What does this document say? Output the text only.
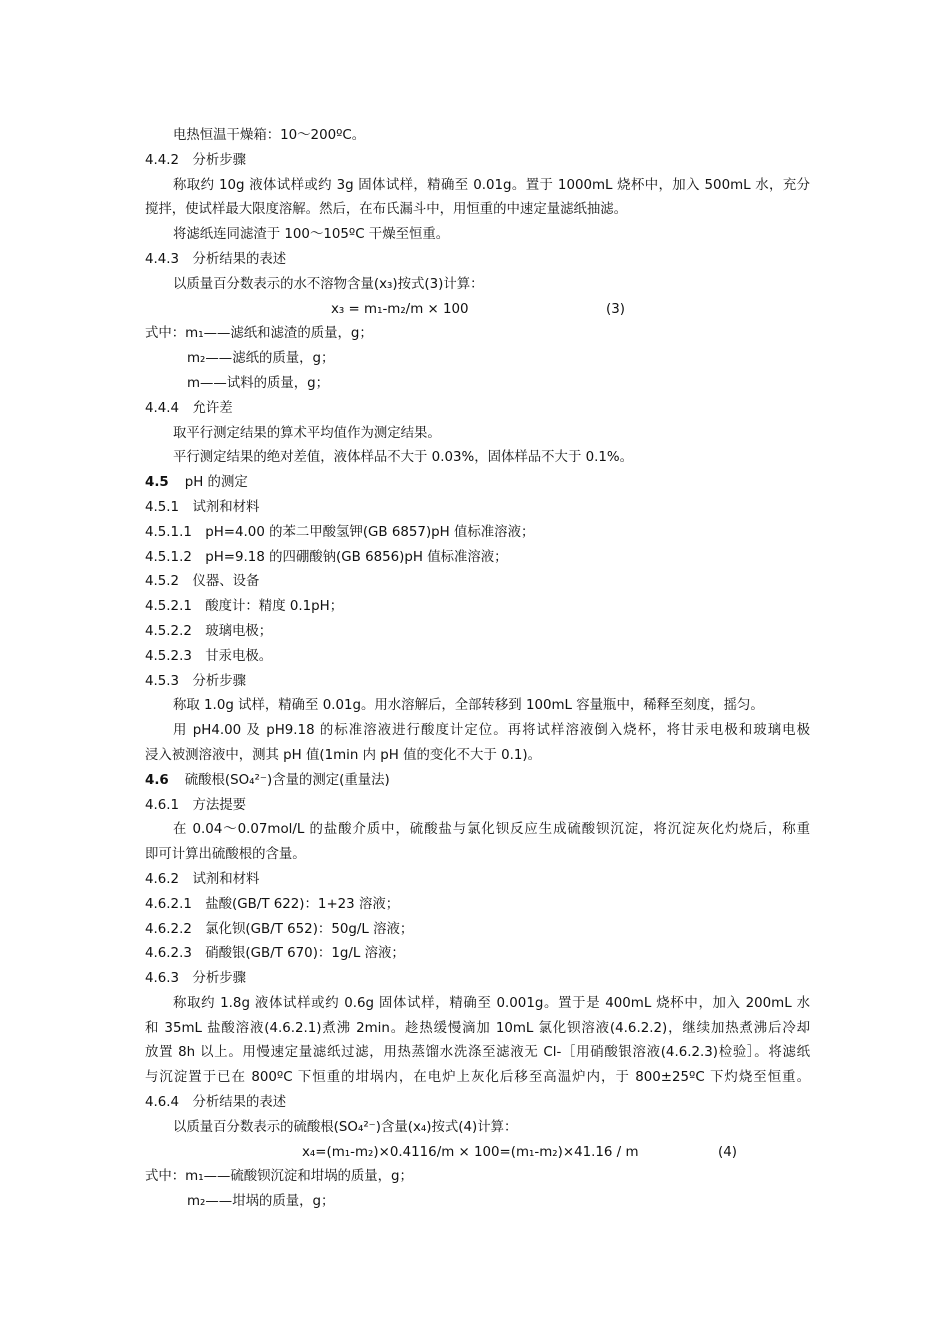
电热恒温干燥箱：10～200ºC。
4.4.2　分析步骤
称取约 10g 液体试样或约 3g 固体试样，精确至 0.01g。置于 1000mL 烧杯中，加入 500mL 水，充分
搅拌，使试样最大限度溶解。然后，在布氏漏斗中，用恒重的中速定量滤纸抽滤。
将滤纸连同滤渣于 100～105ºC 干燥至恒重。
4.4.3　分析结果的表述
以质量百分数表示的水不溶物含量(x₃)按式(3)计算：
x₃ = m₁-m₂/m × 100	(3)
式中：m₁——滤纸和滤渣的质量，g；
m₂——滤纸的质量，g；
m——试料的质量，g；
4.4.4　允许差
取平行测定结果的算术平均值作为测定结果。
平行测定结果的绝对差值，液体样品不大于 0.03%，固体样品不大于 0.1%。
4.5 pH 的测定
4.5.1　试剂和材料
4.5.1.1　pH=4.00 的苯二甲酸氢钾(GB 6857)pH 值标准溶液；
4.5.1.2　pH=9.18 的四硼酸钠(GB 6856)pH 值标准溶液；
4.5.2　仪器、设备
4.5.2.1　酸度计：精度 0.1pH；
4.5.2.2　玻璃电极；
4.5.2.3　甘汞电极。
4.5.3　分析步骤
称取 1.0g 试样，精确至 0.01g。用水溶解后，全部转移到 100mL 容量瓶中，稀释至刻度，摇匀。
用 pH4.00 及 pH9.18 的标准溶液进行酸度计定位。再将试样溶液倒入烧杯，将甘汞电极和玻璃电极
浸入被测溶液中，测其 pH 值(1min 内 pH 值的变化不大于 0.1)。
4.6 硫酸根(SO₄²⁻)含量的测定(重量法)
4.6.1　方法提要
在 0.04～0.07mol/L 的盐酸介质中，硫酸盐与氯化钡反应生成硫酸钡沉淀，将沉淀灰化灼烧后，称重
即可计算出硫酸根的含量。
4.6.2　试剂和材料
4.6.2.1　盐酸(GB/T 622)：1+23 溶液；
4.6.2.2　氯化钡(GB/T 652)：50g/L 溶液；
4.6.2.3　硝酸银(GB/T 670)：1g/L 溶液；
4.6.3　分析步骤
称取约 1.8g 液体试样或约 0.6g 固体试样，精确至 0.001g。置于是 400mL 烧杯中，加入 200mL 水
和 35mL 盐酸溶液(4.6.2.1)煮沸 2min。趁热缓慢滴加 10mL 氯化钡溶液(4.6.2.2)，继续加热煮沸后冷却
放置 8h 以上。用慢速定量滤纸过滤，用热蒸馏水洗涤至滤液无 Cl-［用硝酸银溶液(4.6.2.3)检验］。将滤纸
与沉淀置于已在 800ºC 下恒重的坩埚内，在电炉上灰化后移至高温炉内，于 800±25ºC 下灼烧至恒重。
4.6.4　分析结果的表述
以质量百分数表示的硫酸根(SO₄²⁻)含量(x₄)按式(4)计算：
x₄=(m₁-m₂)×0.4116/m × 100=(m₁-m₂)×41.16 / m	(4)
式中：m₁——硫酸钡沉淀和坩埚的质量，g；
m₂——坩埚的质量，g；
